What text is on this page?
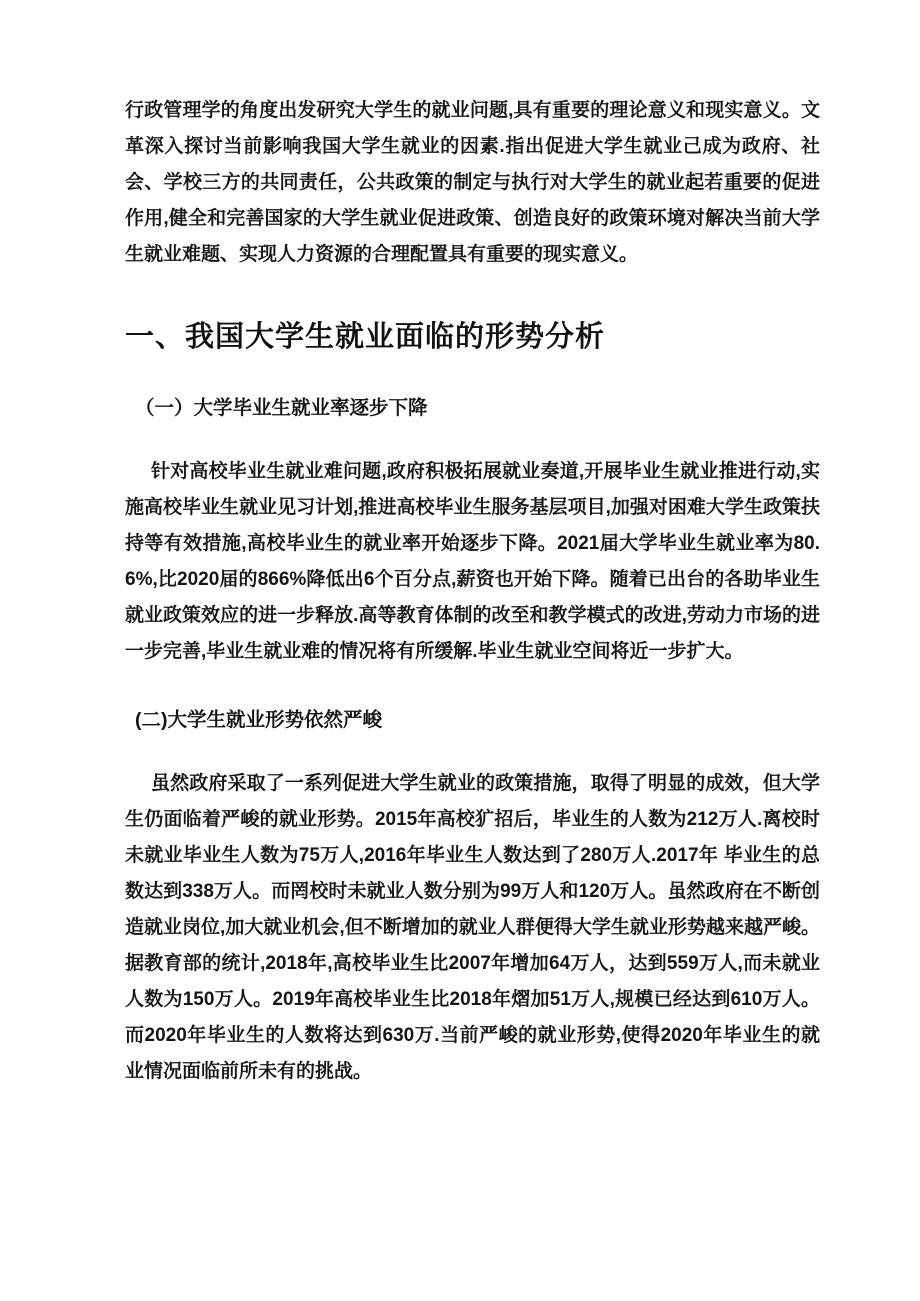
行政管理学的角度出发研究大学生的就业问题,具有重要的理论意义和现实意义。文革深入探讨当前影响我国大学生就业的因素.指出促进大学生就业己成为政府、社会、学校三方的共同责任，公共政策的制定与执行对大学生的就业起若重要的促进作用,健全和完善国家的大学生就业促进政策、创造良好的政策环境对解决当前大学生就业难题、实现人力资源的合理配置具有重要的现实意义。

一、我国大学生就业面临的形势分析
（一）大学毕业生就业率逐步下降

针对高校毕业生就业难问题,政府积极拓展就业奏道,开展毕业生就业推进行动,实施高校毕业生就业见习计划,推进高校毕业生服务基层项目,加强对困难大学生政策扶持等有效措施,高校毕业生的就业率开始逐步下降。2021届大学毕业生就业率为80.6%,比2020届的866%降低出6个百分点,薪资也开始下降。随着已出台的各助毕业生就业政策效应的进一步释放.高等教育体制的改至和教学模式的改进,劳动力市场的进一步完善,毕业生就业难的情况将有所缓解.毕业生就业空间将近一步扩大。

(二)大学生就业形势依然严峻

虽然政府采取了一系列促进大学生就业的政策措施，取得了明显的成效，但大学生仍面临着严峻的就业形势。2015年高校犷招后，毕业生的人数为212万人.离校时未就业毕业生人数为75万人,2016年毕业生人数达到了280万人.2017年 毕业生的总数达到338万人。而罔校时未就业人数分别为99万人和120万人。虽然政府在不断创造就业岗位,加大就业机会,但不断增加的就业人群便得大学生就业形势越来越严峻。据教育部的统计,2018年,高校毕业生比2007年增加64万人，达到559万人,而未就业人数为150万人。2019年高校毕业生比2018年熠加51万人,规模已经达到610万人。而2020年毕业生的人数将达到630万.当前严峻的就业形势,使得2020年毕业生的就业情况面临前所未有的挑战。
